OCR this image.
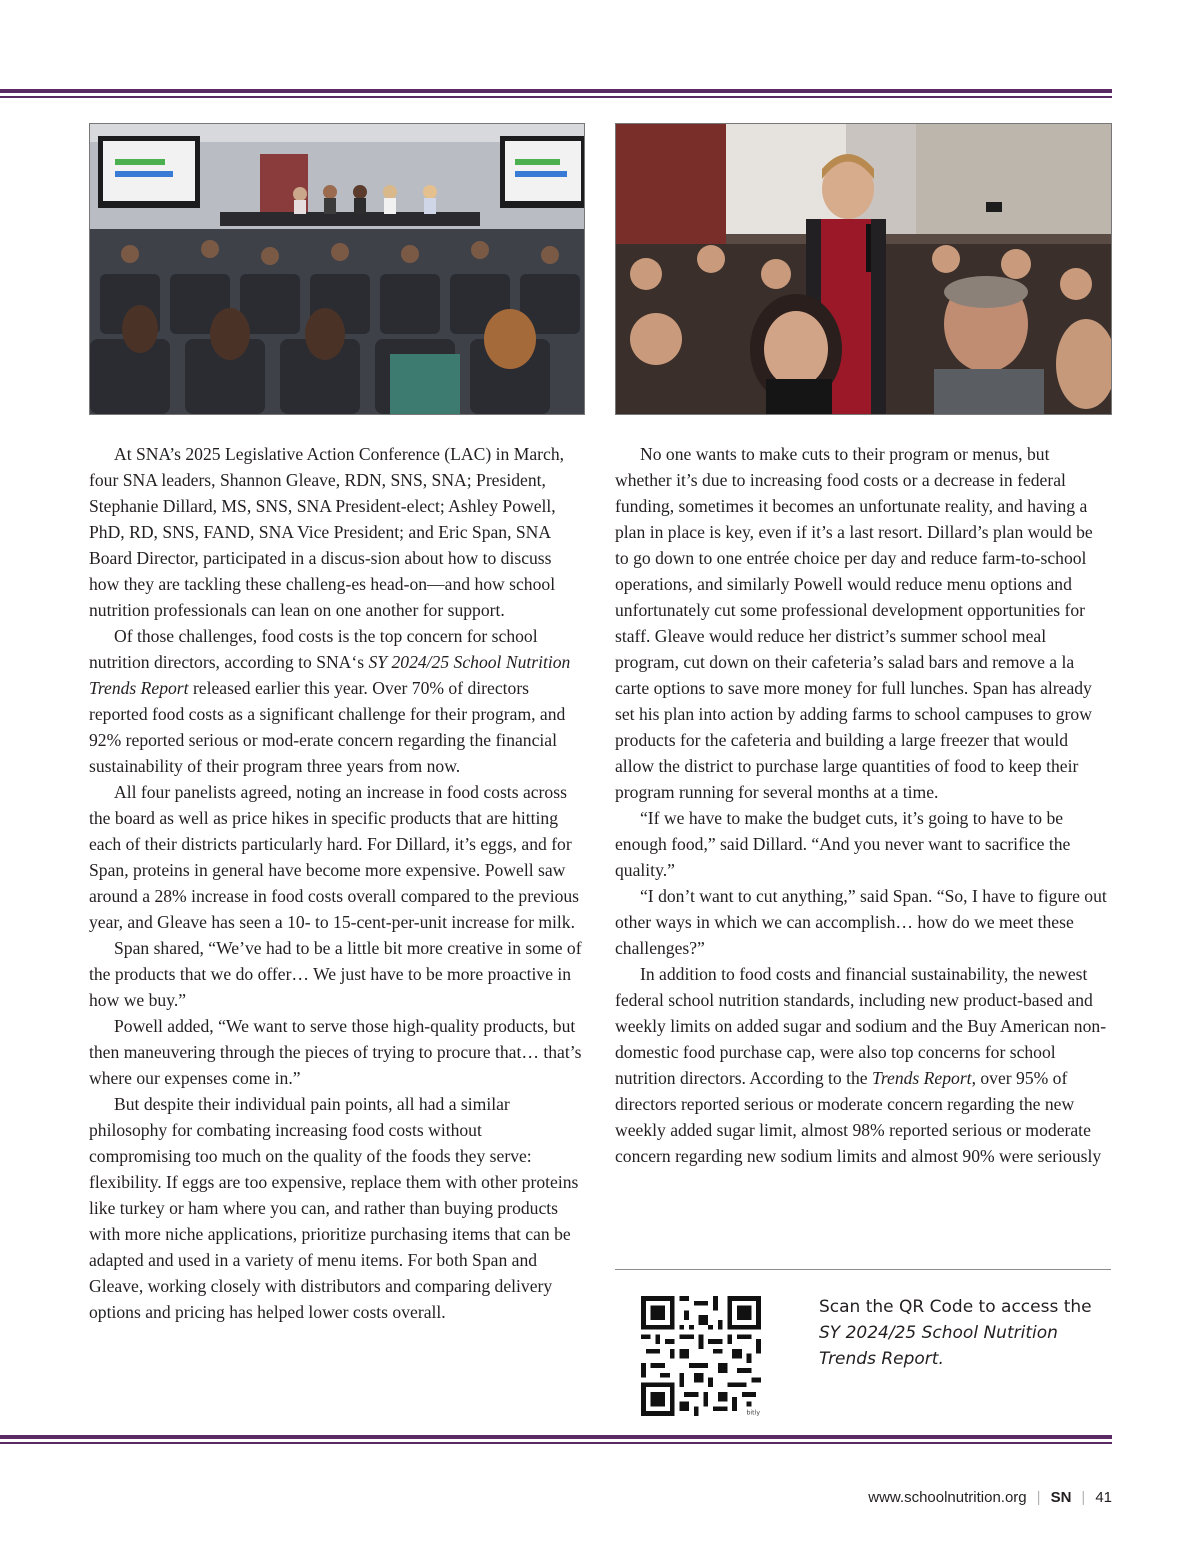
At SNA’s 2025 Legislative Action Conference (LAC) in March, four SNA leaders, Shannon Gleave, RDN, SNS, SNA; President, Stephanie Dillard, MS, SNS, SNA President-elect; Ashley Powell, PhD, RD, SNS, FAND, SNA Vice President; and Eric Span, SNA Board Director, participated in a discus-sion about how to discuss how they are tackling these challeng-es head-on—and how school nutrition professionals can lean on one another for support.

Of those challenges, food costs is the top concern for school nutrition directors, according to SNA‘s SY 2024/25 School Nutrition Trends Report released earlier this year. Over 70% of directors reported food costs as a significant challenge for their program, and 92% reported serious or mod-erate concern regarding the financial sustainability of their program three years from now.

All four panelists agreed, noting an increase in food costs across the board as well as price hikes in specific products that are hitting each of their districts particularly hard. For Dillard, it’s eggs, and for Span, proteins in general have become more expensive. Powell saw around a 28% increase in food costs overall compared to the previous year, and Gleave has seen a 10- to 15-cent-per-unit increase for milk.

Span shared, “We’ve had to be a little bit more creative in some of the products that we do offer… We just have to be more proactive in how we buy.”

Powell added, “We want to serve those high-quality products, but then maneuvering through the pieces of trying to procure that… that’s where our expenses come in.”

But despite their individual pain points, all had a similar philosophy for combating increasing food costs without compromising too much on the quality of the foods they serve: flexibility. If eggs are too expensive, replace them with other proteins like turkey or ham where you can, and rather than buying products with more niche applications, prioritize purchasing items that can be adapted and used in a variety of menu items. For both Span and Gleave, working closely with distributors and comparing delivery options and pricing has helped lower costs overall.

No one wants to make cuts to their program or menus, but whether it’s due to increasing food costs or a decrease in federal funding, sometimes it becomes an unfortunate reality, and having a plan in place is key, even if it’s a last resort. Dillard’s plan would be to go down to one entrée choice per day and reduce farm-to-school operations, and similarly Powell would reduce menu options and unfortunately cut some professional development opportunities for staff. Gleave would reduce her district’s summer school meal program, cut down on their cafeteria’s salad bars and remove a la carte options to save more money for full lunches. Span has already set his plan into action by adding farms to school campuses to grow products for the cafeteria and building a large freezer that would allow the district to purchase large quantities of food to keep their program running for several months at a time.

“If we have to make the budget cuts, it’s going to have to be enough food,” said Dillard. “And you never want to sacrifice the quality.”

“I don’t want to cut anything,” said Span. “So, I have to figure out other ways in which we can accomplish… how do we meet these challenges?”

In addition to food costs and financial sustainability, the newest federal school nutrition standards, including new product-based and weekly limits on added sugar and sodium and the Buy American non-domestic food purchase cap, were also top concerns for school nutrition directors. According to the Trends Report, over 95% of directors reported serious or moderate concern regarding the new weekly added sugar limit, almost 98% reported serious or moderate concern regarding new sodium limits and almost 90% were seriously

bitly
Scan the QR Code to access the SY 2024/25 School Nutrition Trends Report.
www.schoolnutrition.org | SN | 41
